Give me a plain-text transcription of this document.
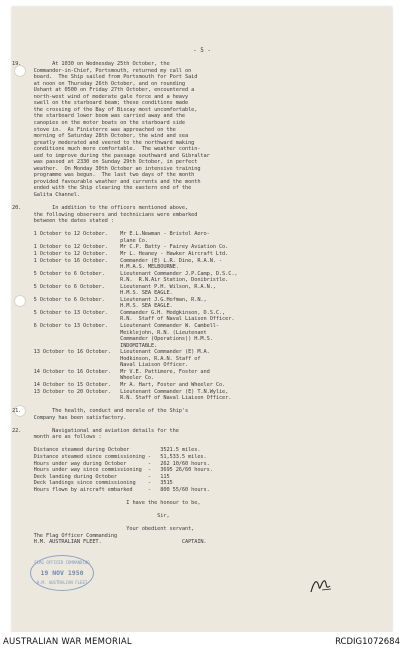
- 5 -
19.          At 1030 on Wednesday 25th October, the
Commander-in-Chief, Portsmouth, returned my call on
board.  The Ship sailed from Portsmouth for Port Said
at noon on Thursday 26th October, and on rounding
Ushant at 0500 on Friday 27th October, encountered a
north-west wind of moderate gale force and a heavy
swell on the starboard beam; these conditions made
the crossing of the Bay of Biscay most uncomfortable,
the starboard lower boom was carried away and the
canopies on the motor boats on the starboard side
stove in.  As Finisterre was approached on the
morning of Saturday 28th October, the wind and sea
greatly moderated and veered to the northward making
conditions much more comfortable.  The weather contin-
ued to improve during the passage southward and Gibraltar
was passed at 2330 on Sunday 29th October, in perfect
weather.  On Monday 30th October an intensive training
programme was begun.  The last two days of the month
provided favourable weather and currents and the month
ended with the Ship clearing the eastern end of the
Galita Channel.
20.          In addition to the officers mentioned above,
the following observers and technicians were embarked
between the dates stated :
1 October to 12 October.    Mr E.L.Newman - Bristol Aero-
plane Co.
1 October to 12 October.    Mr C.P. Batty - Fairey Aviation Co.
1 October to 12 October.    Mr L. Heaney - Hawker Aircraft Ltd.
1 October to 16 October.    Commander (E) L.R. Dine, R.A.N. -
H.M.A.S. MELBOURNE.
5 October to 6 October.     Lieutenant Commander J.P.Camp, D.S.C.,
R.N.  R.N.Air Station, Donibristle.
5 October to 6 October.     Lieutenant P.H. Wilson, R.A.N.,
H.M.S. SEA EAGLE.
5 October to 6 October.     Lieutenant J.G.Hofman, R.N.,
H.M.S. SEA EAGLE.
5 October to 13 October.    Commander G.H. Hodgkinson, D.S.C.,
R.N.  Staff of Naval Liaison Officer.
6 October to 13 October.    Lieutenant Commander W. Cambell-
Meiklejohn, R.N. (Lieutenant
Commander (Operations)) H.M.S.
INDOMITABLE.
13 October to 16 October.   Lieutenant Commander (E) M.A.
Hodkinson, R.A.N. Staff of
Naval Liaison Officer.
14 October to 16 October.   Mr V.E. Pattimore, Foster and
Wheeler Co.
14 October to 15 October.   Mr A. Hart, Foster and Wheeler Co.
13 October to 20 October.   Lieutenant Commander (E) T.N.Wylie,
R.N. Staff of Naval Liaison Officer.
21.          The health, conduct and morale of the Ship's
Company has been satisfactory.
22.          Navigational and aviation details for the
month are as follows :
Distance steamed during October          3521.5 miles.
Distance steamed since commissioning -   51,533.5 miles.
Hours under way during October       -   262 10/60 hours.
Hours under way since commissioning  -   3695 26/60 hours.
Deck landing during October          -   115
Deck landings since commissioning    -   3515
Hours flown by aircraft embarked     -   800 55/60 hours.
I have the honour to be,
Sir,
Your obedient servant,
The Flag Officer Commanding
H.M. AUSTRALIAN FLEET.                          CAPTAIN.
FLAG OFFICER COMMANDING
19 NOV 1950
H.M. AUSTRALIAN FLEET
AUSTRALIAN WAR MEMORIAL	RCDIG1072684
